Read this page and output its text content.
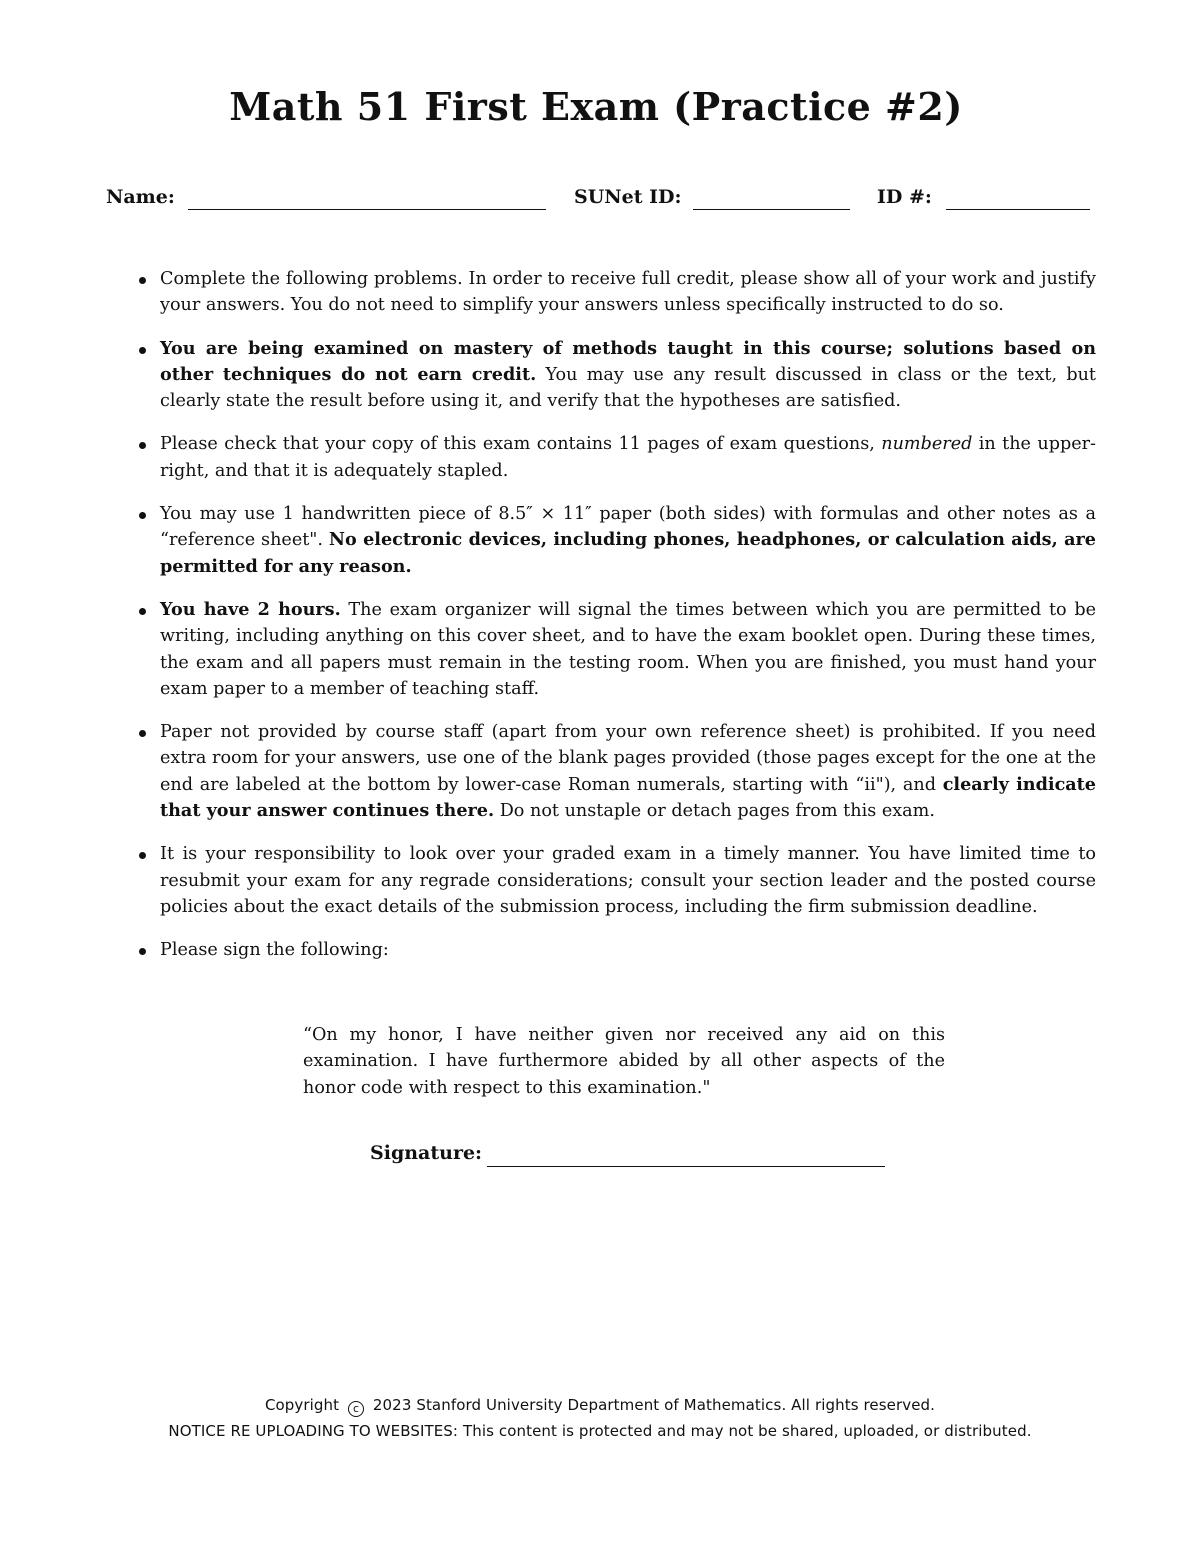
Math 51 First Exam (Practice #2)
Name:	SUNet ID:	ID #:
Complete the following problems. In order to receive full credit, please show all of your work and justify your answers. You do not need to simplify your answers unless specifically instructed to do so.
You are being examined on mastery of methods taught in this course; solutions based on other techniques do not earn credit. You may use any result discussed in class or the text, but clearly state the result before using it, and verify that the hypotheses are satisfied.
Please check that your copy of this exam contains 11 pages of exam questions, numbered in the upper-right, and that it is adequately stapled.
You may use 1 handwritten piece of 8.5″ × 11″ paper (both sides) with formulas and other notes as a “reference sheet". No electronic devices, including phones, headphones, or calculation aids, are permitted for any reason.
You have 2 hours. The exam organizer will signal the times between which you are permitted to be writing, including anything on this cover sheet, and to have the exam booklet open. During these times, the exam and all papers must remain in the testing room. When you are finished, you must hand your exam paper to a member of teaching staff.
Paper not provided by course staff (apart from your own reference sheet) is prohibited. If you need extra room for your answers, use one of the blank pages provided (those pages except for the one at the end are labeled at the bottom by lower-case Roman numerals, starting with “ii"), and clearly indicate that your answer continues there. Do not unstaple or detach pages from this exam.
It is your responsibility to look over your graded exam in a timely manner. You have limited time to resubmit your exam for any regrade considerations; consult your section leader and the posted course policies about the exact details of the submission process, including the firm submission deadline.
Please sign the following:

“On my honor, I have neither given nor received any aid on this examination. I have furthermore abided by all other aspects of the honor code with respect to this examination."

Signature:
Copyright c 2023 Stanford University Department of Mathematics. All rights reserved.
NOTICE RE UPLOADING TO WEBSITES: This content is protected and may not be shared, uploaded, or distributed.
